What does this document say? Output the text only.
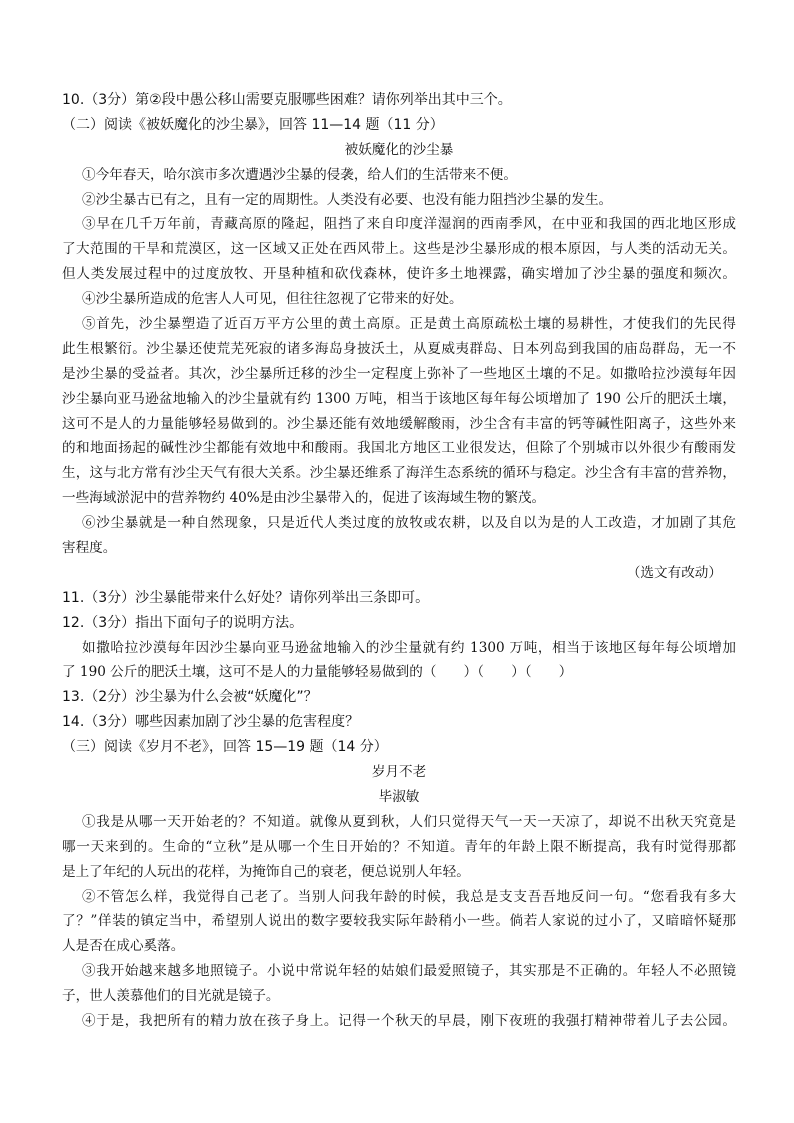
10.（3分）第②段中愚公移山需要克服哪些困难？请你列举出其中三个。
（二）阅读《被妖魔化的沙尘暴》，回答 11—14 题（11 分）
被妖魔化的沙尘暴
①今年春天，哈尔滨市多次遭遇沙尘暴的侵袭，给人们的生活带来不便。
②沙尘暴古已有之，且有一定的周期性。人类没有必要、也没有能力阻挡沙尘暴的发生。
③早在几千万年前，青藏高原的隆起，阻挡了来自印度洋湿润的西南季风，在中亚和我国的西北地区形成
了大范围的干旱和荒漠区，这一区域又正处在西风带上。这些是沙尘暴形成的根本原因，与人类的活动无关。
但人类发展过程中的过度放牧、开垦种植和砍伐森林，使许多土地裸露，确实增加了沙尘暴的强度和频次。
④沙尘暴所造成的危害人人可见，但往往忽视了它带来的好处。
⑤首先，沙尘暴塑造了近百万平方公里的黄土高原。正是黄土高原疏松土壤的易耕性，才使我们的先民得
此生根繁衍。沙尘暴还使荒芜死寂的诸多海岛身披沃土，从夏威夷群岛、日本列岛到我国的庙岛群岛，无一不
是沙尘暴的受益者。其次，沙尘暴所迁移的沙尘一定程度上弥补了一些地区土壤的不足。如撒哈拉沙漠每年因
沙尘暴向亚马逊盆地输入的沙尘量就有约 1300 万吨，相当于该地区每年每公顷增加了 190 公斤的肥沃土壤，
这可不是人的力量能够轻易做到的。沙尘暴还能有效地缓解酸雨，沙尘含有丰富的钙等碱性阳离子，这些外来
的和地面扬起的碱性沙尘都能有效地中和酸雨。我国北方地区工业很发达，但除了个别城市以外很少有酸雨发
生，这与北方常有沙尘天气有很大关系。沙尘暴还维系了海洋生态系统的循环与稳定。沙尘含有丰富的营养物，
一些海域淤泥中的营养物约 40%是由沙尘暴带入的，促进了该海域生物的繁茂。
⑥沙尘暴就是一种自然现象，只是近代人类过度的放牧或农耕，以及自以为是的人工改造，才加剧了其危
害程度。
（选文有改动）
11.（3分）沙尘暴能带来什么好处？请你列举出三条即可。
12.（3分）指出下面句子的说明方法。
如撒哈拉沙漠每年因沙尘暴向亚马逊盆地输入的沙尘量就有约 1300 万吨，相当于该地区每年每公顷增加
了 190 公斤的肥沃土壤，这可不是人的力量能够轻易做到的（　　）（　　）（　　）
13.（2分）沙尘暴为什么会被“妖魔化”？
14.（3分）哪些因素加剧了沙尘暴的危害程度？
（三）阅读《岁月不老》，回答 15—19 题（14 分）
岁月不老
毕淑敏
①我是从哪一天开始老的？不知道。就像从夏到秋，人们只觉得天气一天一天凉了，却说不出秋天究竟是
哪一天来到的。生命的“立秋”是从哪一个生日开始的？不知道。青年的年龄上限不断提高，我有时觉得那都
是上了年纪的人玩出的花样，为掩饰自己的衰老，便总说别人年轻。
②不管怎么样，我觉得自己老了。当别人问我年龄的时候，我总是支支吾吾地反问一句。“您看我有多大
了？”佯装的镇定当中，希望别人说出的数字要较我实际年龄稍小一些。倘若人家说的过小了，又暗暗怀疑那
人是否在成心奚落。
③我开始越来越多地照镜子。小说中常说年轻的姑娘们最爱照镜子，其实那是不正确的。年轻人不必照镜
子，世人羡慕他们的目光就是镜子。
④于是，我把所有的精力放在孩子身上。记得一个秋天的早晨，刚下夜班的我强打精神带着儿子去公园。
